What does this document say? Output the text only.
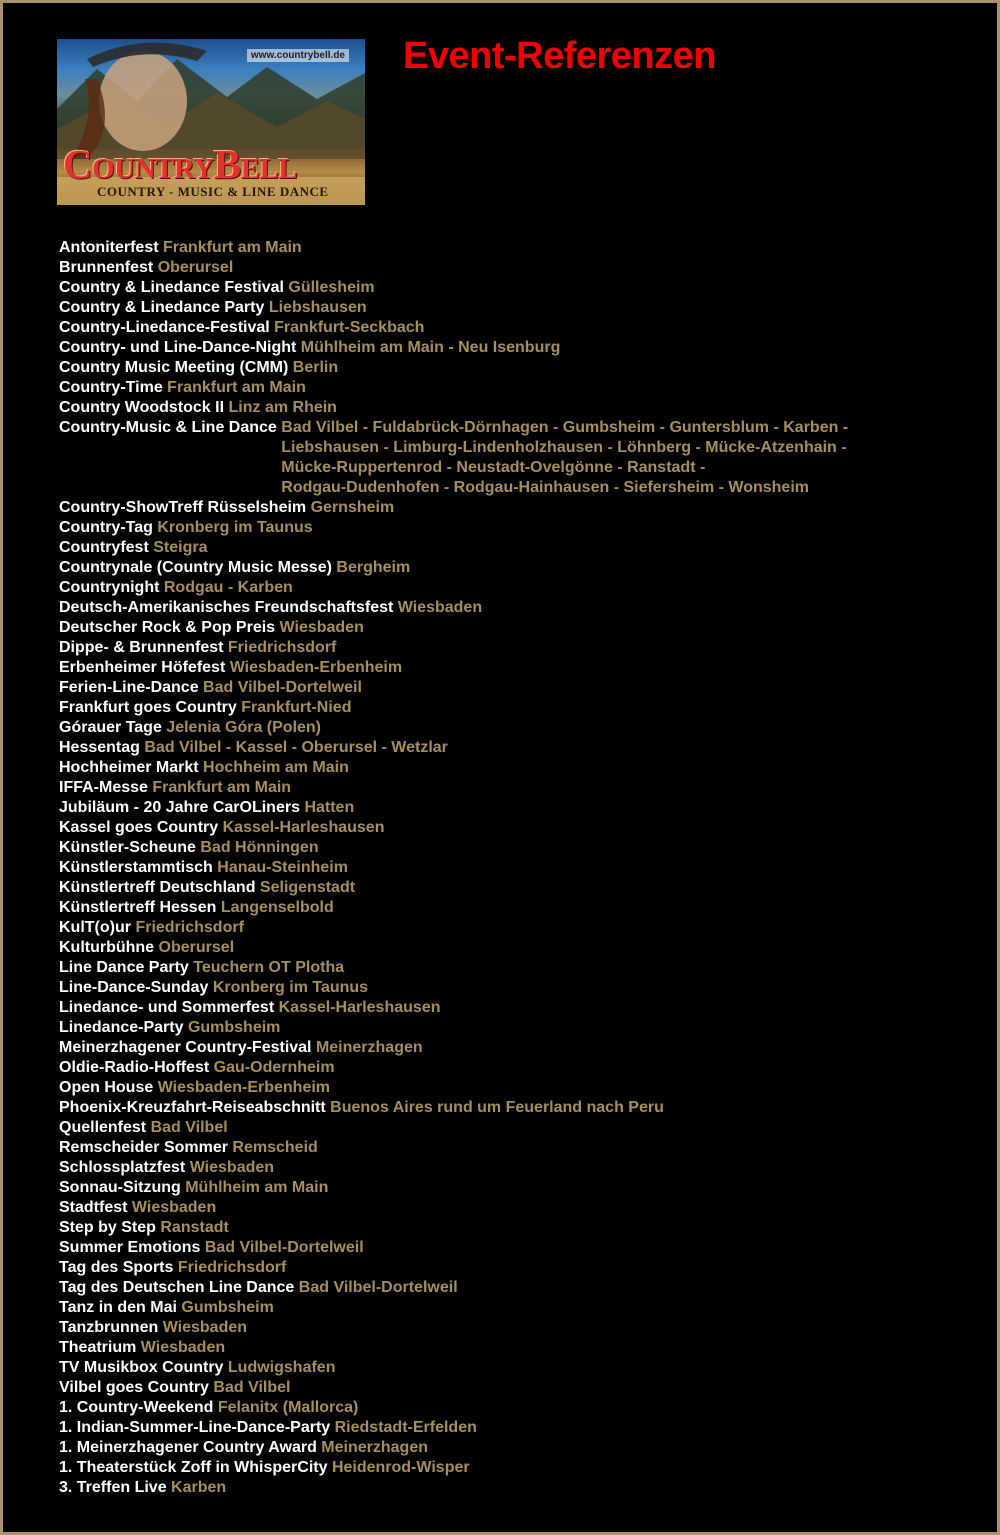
www.countrybell.de
CountryBell
COUNTRY - MUSIC & LINE DANCE
Event-Referenzen
Antoniterfest Frankfurt am Main
Brunnenfest Oberursel
Country & Linedance Festival Güllesheim
Country & Linedance Party Liebshausen
Country-Linedance-Festival Frankfurt-Seckbach
Country- und Line-Dance-Night Mühlheim am Main - Neu Isenburg
Country Music Meeting (CMM) Berlin
Country-Time Frankfurt am Main
Country Woodstock II Linz am Rhein
Country-Music & Line Dance Bad Vilbel - Fuldabrück-Dörnhagen - Gumbsheim - Guntersblum - Karben -
Liebshausen - Limburg-Lindenholzhausen - Löhnberg - Mücke-Atzenhain -
Mücke-Ruppertenrod - Neustadt-Ovelgönne - Ranstadt -
Rodgau-Dudenhofen - Rodgau-Hainhausen - Siefersheim - Wonsheim
Country-ShowTreff Rüsselsheim Gernsheim
Country-Tag Kronberg im Taunus
Countryfest Steigra
Countrynale (Country Music Messe) Bergheim
Countrynight Rodgau - Karben
Deutsch-Amerikanisches Freundschaftsfest Wiesbaden
Deutscher Rock & Pop Preis Wiesbaden
Dippe- & Brunnenfest Friedrichsdorf
Erbenheimer Höfefest Wiesbaden-Erbenheim
Ferien-Line-Dance Bad Vilbel-Dortelweil
Frankfurt goes Country Frankfurt-Nied
Górauer Tage Jelenia Góra (Polen)
Hessentag Bad Vilbel - Kassel - Oberursel - Wetzlar
Hochheimer Markt Hochheim am Main
IFFA-Messe Frankfurt am Main
Jubiläum - 20 Jahre CarOLiners Hatten
Kassel goes Country Kassel-Harleshausen
Künstler-Scheune Bad Hönningen
Künstlerstammtisch Hanau-Steinheim
Künstlertreff Deutschland Seligenstadt
Künstlertreff Hessen Langenselbold
KulT(o)ur Friedrichsdorf
Kulturbühne Oberursel
Line Dance Party Teuchern OT Plotha
Line-Dance-Sunday Kronberg im Taunus
Linedance- und Sommerfest Kassel-Harleshausen
Linedance-Party Gumbsheim
Meinerzhagener Country-Festival Meinerzhagen
Oldie-Radio-Hoffest Gau-Odernheim
Open House Wiesbaden-Erbenheim
Phoenix-Kreuzfahrt-Reiseabschnitt Buenos Aires rund um Feuerland nach Peru
Quellenfest Bad Vilbel
Remscheider Sommer Remscheid
Schlossplatzfest Wiesbaden
Sonnau-Sitzung Mühlheim am Main
Stadtfest Wiesbaden
Step by Step Ranstadt
Summer Emotions Bad Vilbel-Dortelweil
Tag des Sports Friedrichsdorf
Tag des Deutschen Line Dance Bad Vilbel-Dortelweil
Tanz in den Mai Gumbsheim
Tanzbrunnen Wiesbaden
Theatrium Wiesbaden
TV Musikbox Country Ludwigshafen
Vilbel goes Country Bad Vilbel
1. Country-Weekend Felanitx (Mallorca)
1. Indian-Summer-Line-Dance-Party Riedstadt-Erfelden
1. Meinerzhagener Country Award Meinerzhagen
1. Theaterstück Zoff in WhisperCity Heidenrod-Wisper
3. Treffen Live Karben
